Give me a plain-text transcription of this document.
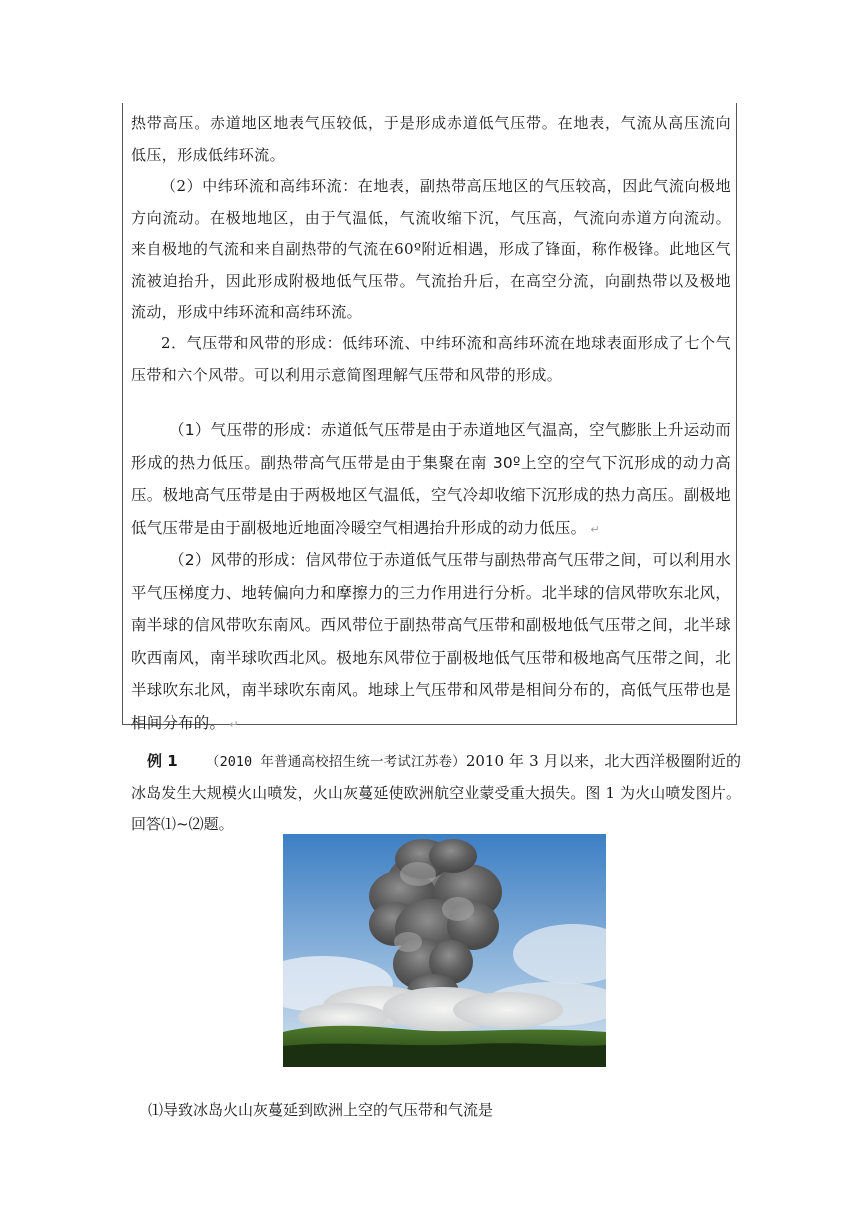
热带高压。赤道地区地表气压较低，于是形成赤道低气压带。在地表，气流从高压流向低压，形成低纬环流。

（2）中纬环流和高纬环流：在地表，副热带高压地区的气压较高，因此气流向极地方向流动。在极地地区，由于气温低，气流收缩下沉，气压高，气流向赤道方向流动。来自极地的气流和来自副热带的气流在60º附近相遇，形成了锋面，称作极锋。此地区气流被迫抬升，因此形成附极地低气压带。气流抬升后，在高空分流，向副热带以及极地流动，形成中纬环流和高纬环流。

2．气压带和风带的形成：低纬环流、中纬环流和高纬环流在地球表面形成了七个气压带和六个风带。可以利用示意简图理解气压带和风带的形成。

（1）气压带的形成：赤道低气压带是由于赤道地区气温高，空气膨胀上升运动而形成的热力低压。副热带高气压带是由于集聚在南 30º上空的空气下沉形成的动力高压。极地高气压带是由于两极地区气温低，空气冷却收缩下沉形成的热力高压。副极地低气压带是由于副极地近地面冷暖空气相遇抬升形成的动力低压。 ↵

（2）风带的形成：信风带位于赤道低气压带与副热带高气压带之间，可以利用水平气压梯度力、地转偏向力和摩擦力的三力作用进行分析。北半球的信风带吹东北风，南半球的信风带吹东南风。西风带位于副热带高气压带和副极地低气压带之间，北半球吹西南风，南半球吹西北风。极地东风带位于副极地低气压带和极地高气压带之间，北半球吹东北风，南半球吹东南风。地球上气压带和风带是相间分布的，高低气压带也是相间分布的。 ↵

例 1 （2010 年普通高校招生统一考试江苏卷）2010 年 3 月以来，北大西洋极圈附近的冰岛发生大规模火山喷发，火山灰蔓延使欧洲航空业蒙受重大损失。图 1 为火山喷发图片。回答⑴~⑵题。

⑴导致冰岛火山灰蔓延到欧洲上空的气压带和气流是
